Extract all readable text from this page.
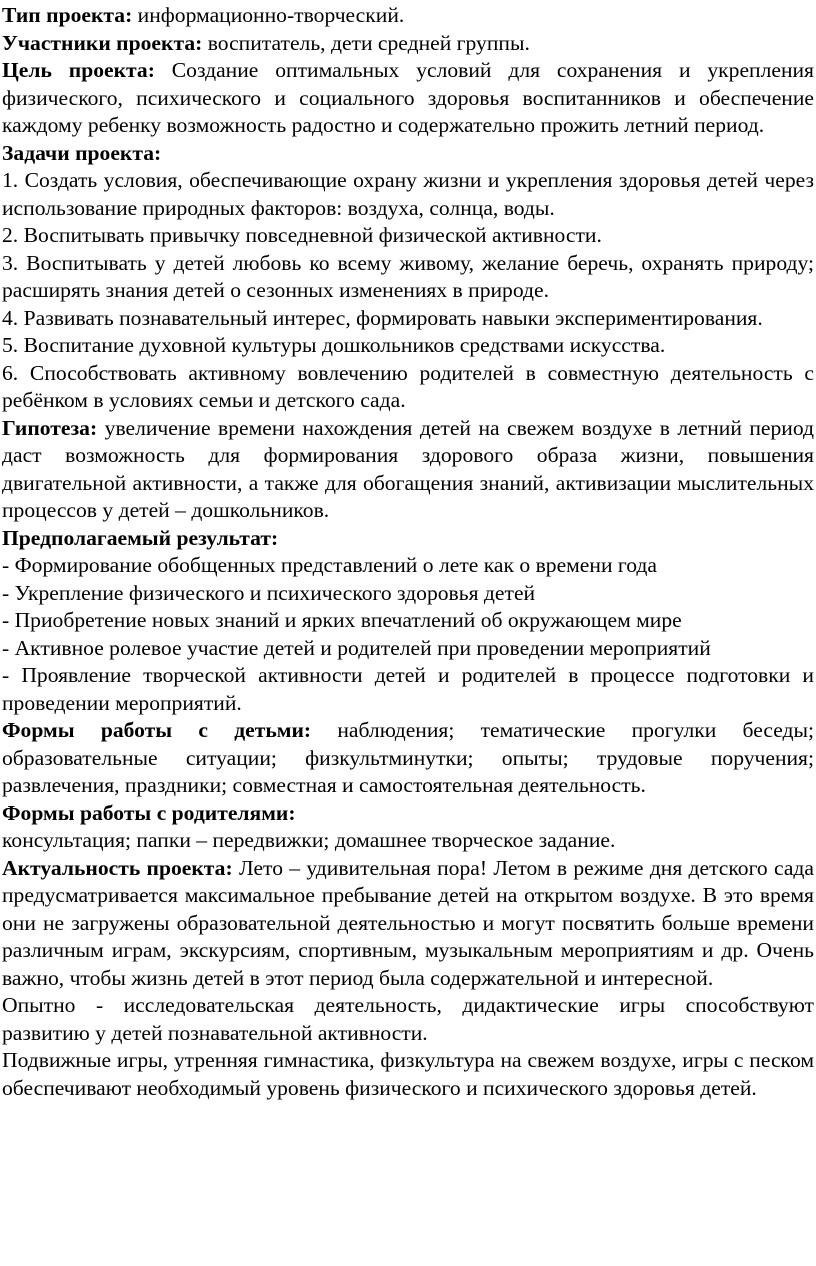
Тип проекта: информационно-творческий.

Участники проекта: воспитатель, дети средней группы.

Цель проекта: Создание оптимальных условий для сохранения и укрепления физического, психического и социального здоровья воспитанников и обеспечение каждому ребенку возможность радостно и содержательно прожить летний период.

Задачи проекта:

1. Создать условия, обеспечивающие охрану жизни и укрепления здоровья детей через использование природных факторов: воздуха, солнца, воды.
2. Воспитывать привычку повседневной физической активности.
3. Воспитывать у детей любовь ко всему живому, желание беречь, охранять природу; расширять знания детей о сезонных изменениях в природе.
4. Развивать познавательный интерес, формировать навыки экспериментирования.
5. Воспитание духовной культуры дошкольников средствами искусства.
6. Способствовать активному вовлечению родителей в совместную деятельность с ребёнком в условиях семьи и детского сада.

Гипотеза: увеличение времени нахождения детей на свежем воздухе в летний период даст возможность для формирования здорового образа жизни, повышения двигательной активности, а также для обогащения знаний, активизации мыслительных процессов у детей – дошкольников.

Предполагаемый результат:

- Формирование обобщенных представлений о лете как о времени года
- Укрепление физического и психического здоровья детей
- Приобретение новых знаний и ярких впечатлений об окружающем мире
- Активное ролевое участие детей и родителей при проведении мероприятий
- Проявление творческой активности детей и родителей в процессе подготовки и проведении мероприятий.

Формы работы с детьми: наблюдения; тематические прогулки беседы; образовательные ситуации; физкультминутки; опыты; трудовые поручения; развлечения, праздники; совместная и самостоятельная деятельность.

Формы работы с родителями:

консультация; папки – передвижки; домашнее творческое задание.

Актуальность проекта: Лето – удивительная пора! Летом в режиме дня детского сада предусматривается максимальное пребывание детей на открытом воздухе. В это время они не загружены образовательной деятельностью и могут посвятить больше времени различным играм, экскурсиям, спортивным, музыкальным мероприятиям и др. Очень важно, чтобы жизнь детей в этот период была содержательной и интересной.

Опытно - исследовательская деятельность, дидактические игры способствуют развитию у детей познавательной активности.

Подвижные игры, утренняя гимнастика, физкультура на свежем воздухе, игры с песком обеспечивают необходимый уровень физического и психического здоровья детей.
